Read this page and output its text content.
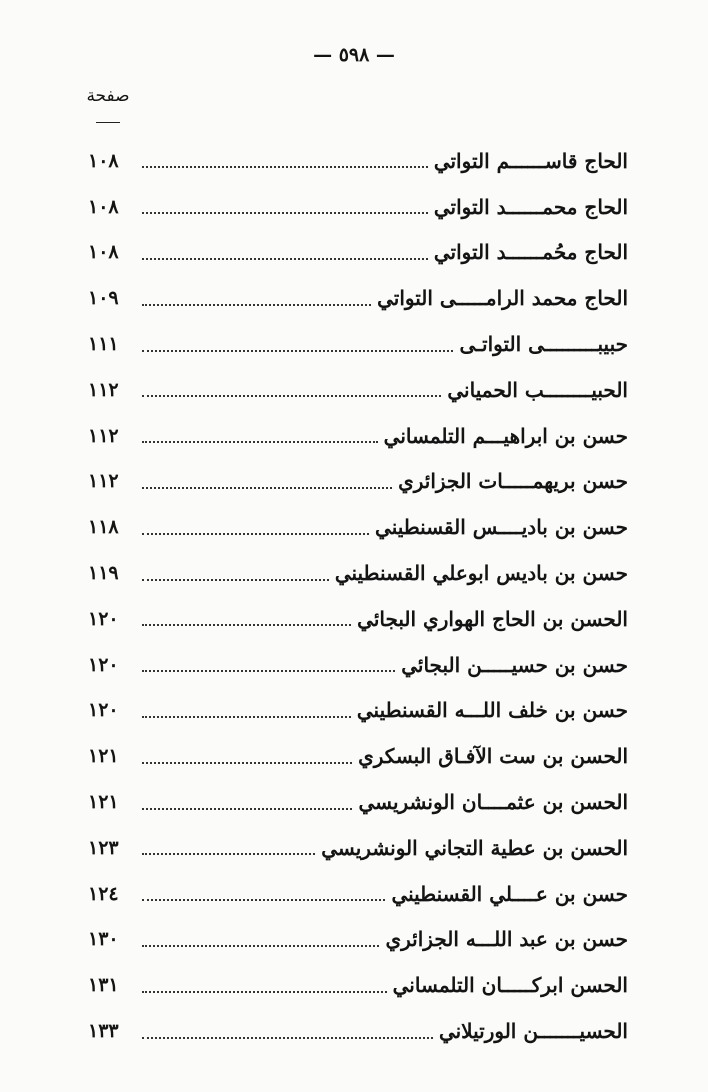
— ٥٩٨ —
صفحة
الحاج قاســــــم التواتي
١٠٨
الحاج محمــــــد التواتي
١٠٨
الحاج محُمــــــد التواتي
١٠٨
الحاج محمد الرامـــــى التواتي
١٠٩
حبيبـــــــــى التواتـى
١١١
الحبيــــــــب الحمياني
١١٢
حسن بن ابراهيـــم التلمساني
١١٢
حسن بريهمـــــات الجزائري
١١٢
حسن بن باديــــس القسنطيني
١١٨
حسن بن باديس ابوعلي القسنطيني
١١٩
الحسن بن الحاج الهواري البجائي
١٢٠
حسن بن حسيـــــن البجائي
١٢٠
حسن بن خلف اللـــه القسنطيني
١٢٠
الحسن بن ست الآفـاق البسكري
١٢١
الحسن بن عثمــــان الونشريسي
١٢١
الحسن بن عطية التجاني الونشريسي
١٢٣
حسن بن عــــلي القسنطيني
١٢٤
حسن بن عبد اللـــه الجزائري
١٣٠
الحسن ابركـــــان التلمساني
١٣١
الحسيـــــــن الورتيلاني
١٣٣
